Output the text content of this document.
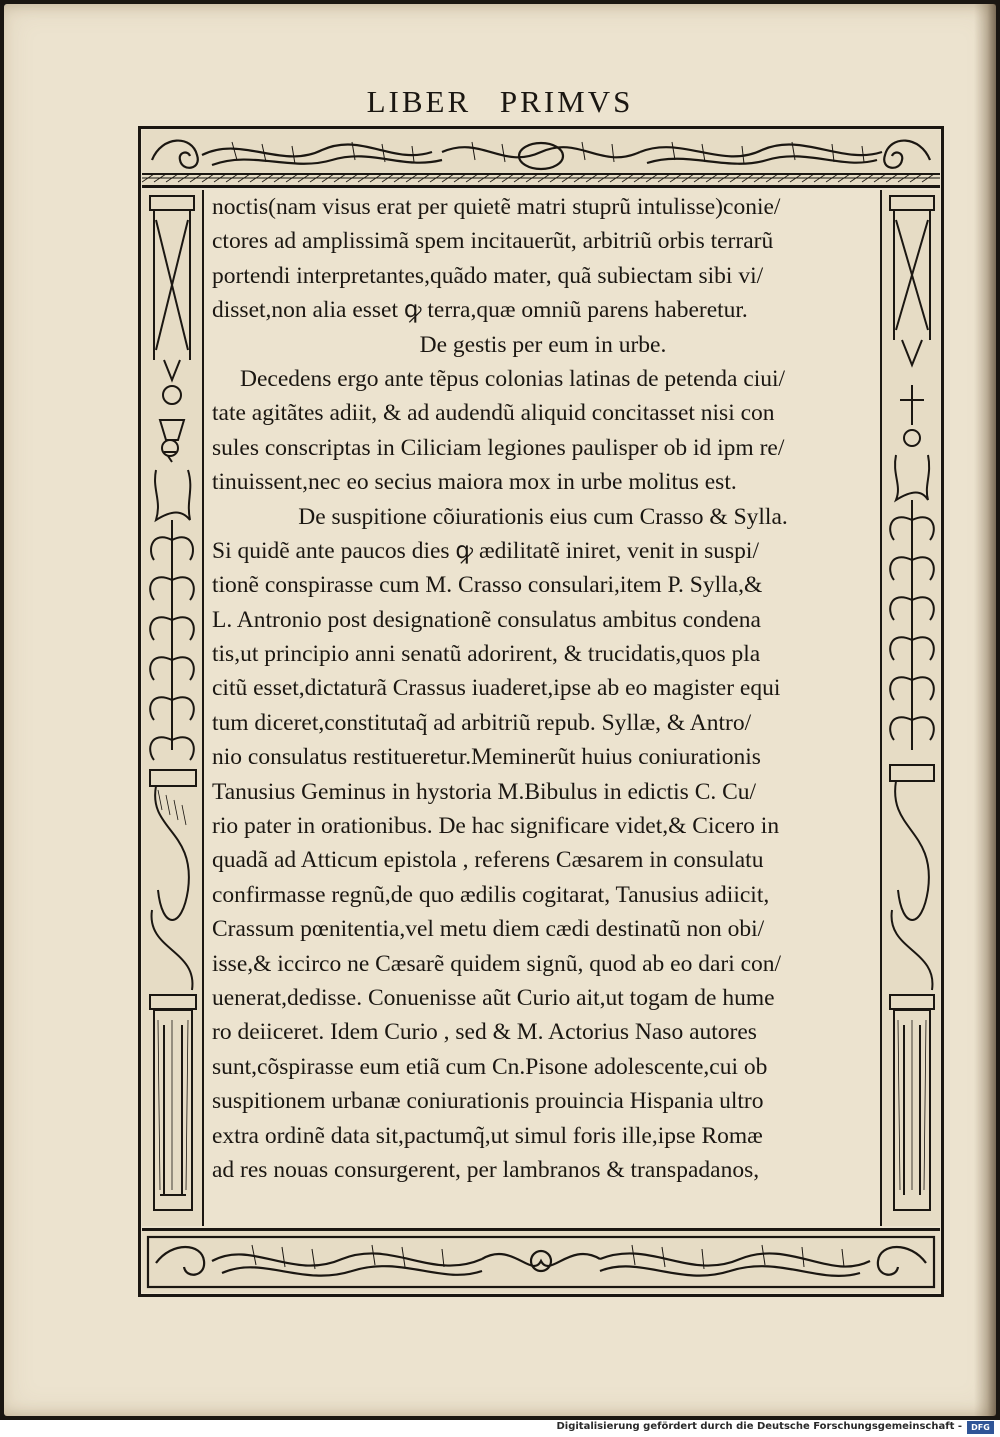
LIBER PRIMVS
noctis(nam visus erat per quietẽ matri stuprũ intulisse)conie/
ctores ad amplissimã spem incitauerũt, arbitriũ orbis terrarũ
portendi interpretantes,quãdo mater, quã subiectam sibi vi/
disset,non alia esset ꝙ terra,quæ omniũ parens haberetur.
De gestis per eum in urbe.
Decedens ergo ante tẽpus colonias latinas de petenda ciui/
tate agitãtes adiit, & ad audendũ aliquid concitasset nisi con
sules conscriptas in Ciliciam legiones paulisper ob id ipm re/
tinuissent,nec eo secius maiora mox in urbe molitus est.
De suspitione cõiurationis eius cum Crasso & Sylla.
Si quidẽ ante paucos dies ꝙ ædilitatẽ iniret, venit in suspi/
tionẽ conspirasse cum M. Crasso consulari,item P. Sylla,&
L. Antronio post designationẽ consulatus ambitus condena
tis,ut principio anni senatũ adorirent, & trucidatis,quos pla
citũ esset,dictaturã Crassus iuaderet,ipse ab eo magister equi
tum diceret,constitutaq̃ ad arbitriũ repub. Syllæ, & Antro/
nio consulatus restitueretur.Meminerũt huius coniurationis
Tanusius Geminus in hystoria M.Bibulus in edictis C. Cu/
rio pater in orationibus. De hac significare videt,& Cicero in
quadã ad Atticum epistola , referens Cæsarem in consulatu
confirmasse regnũ,de quo ædilis cogitarat, Tanusius adiicit,
Crassum pœnitentia,vel metu diem cædi destinatũ non obi/
isse,& iccirco ne Cæsarẽ quidem signũ, quod ab eo dari con/
uenerat,dedisse. Conuenisse aũt Curio ait,ut togam de hume
ro deiiceret. Idem Curio , sed & M. Actorius Naso autores
sunt,cõspirasse eum etiã cum Cn.Pisone adolescente,cui ob
suspitionem urbanæ coniurationis prouincia Hispania ultro
extra ordinẽ data sit,pactumq̃,ut simul foris ille,ipse Romæ
ad res nouas consurgerent, per lambranos & transpadanos,
Digitalisierung gefördert durch die Deutsche Forschungsgemeinschaft -	DFG
